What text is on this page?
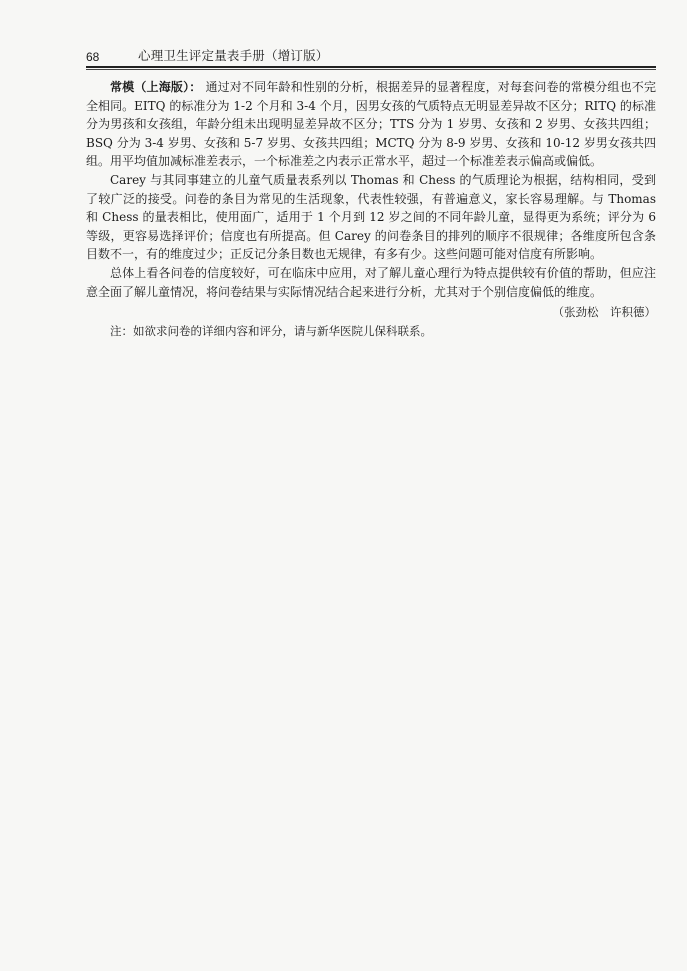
68	心理卫生评定量表手册（增订版）

常模（上海版）： 通过对不同年龄和性别的分析，根据差异的显著程度，对每套问卷的常模分组也不完全相同。EITQ 的标准分为 1-2 个月和 3-4 个月，因男女孩的气质特点无明显差异故不区分；RITQ 的标准分为男孩和女孩组，年龄分组未出现明显差异故不区分；TTS 分为 1 岁男、女孩和 2 岁男、女孩共四组；BSQ 分为 3-4 岁男、女孩和 5-7 岁男、女孩共四组；MCTQ 分为 8-9 岁男、女孩和 10-12 岁男女孩共四组。用平均值加减标准差表示，一个标准差之内表示正常水平，超过一个标准差表示偏高或偏低。

Carey 与其同事建立的儿童气质量表系列以 Thomas 和 Chess 的气质理论为根据，结构相同，受到了较广泛的接受。问卷的条目为常见的生活现象，代表性较强，有普遍意义，家长容易理解。与 Thomas 和 Chess 的量表相比，使用面广，适用于 1 个月到 12 岁之间的不同年龄儿童，显得更为系统；评分为 6 等级，更容易选择评价；信度也有所提高。但 Carey 的问卷条目的排列的顺序不很规律；各维度所包含条目数不一，有的维度过少；正反记分条目数也无规律，有多有少。这些问题可能对信度有所影响。

总体上看各问卷的信度较好，可在临床中应用，对了解儿童心理行为特点提供较有价值的帮助，但应注意全面了解儿童情况，将问卷结果与实际情况结合起来进行分析，尤其对于个别信度偏低的维度。

（张劲松　许积德）

注：如欲求问卷的详细内容和评分，请与新华医院儿保科联系。
